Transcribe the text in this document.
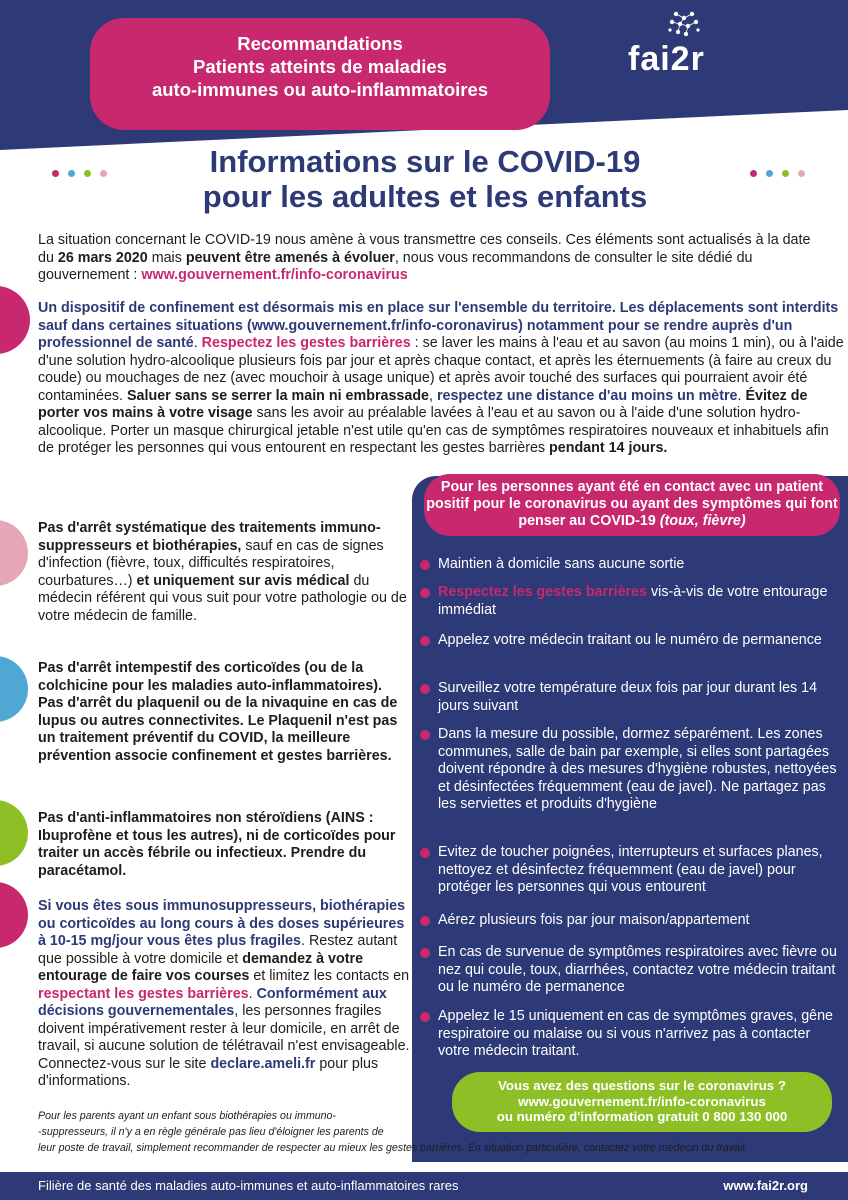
Recommandations
Patients atteints de maladies
auto-immunes ou auto-inflammatoires
fai2r
Informations sur le COVID-19
pour les adultes et les enfants
La situation concernant le COVID-19 nous amène à vous transmettre ces conseils. Ces éléments sont actualisés à la date du 26 mars 2020 mais peuvent être amenés à évoluer, nous vous recommandons de consulter le site dédié du gouvernement : www.gouvernement.fr/info-coronavirus
Un dispositif de confinement est désormais mis en place sur l'ensemble du territoire. Les déplacements sont interdits sauf dans certaines situations (www.gouvernement.fr/info-coronavirus) notamment pour se rendre auprès d'un professionnel de santé. Respectez les gestes barrières : se laver les mains à l'eau et au savon (au moins 1 min), ou à l'aide d'une solution hydro-alcoolique plusieurs fois par jour et après chaque contact, et après les éternuements (à faire au creux du coude) ou mouchages de nez (avec mouchoir à usage unique) et après avoir touché des surfaces qui pourraient avoir été contaminées. Saluer sans se serrer la main ni embrassade, respectez une distance d'au moins un mètre. Évitez de porter vos mains à votre visage sans les avoir au préalable lavées à l'eau et au savon ou à l'aide d'une solution hydro-alcoolique. Porter un masque chirurgical jetable n'est utile qu'en cas de symptômes respiratoires nouveaux et inhabituels afin de protéger les personnes qui vous entourent en respectant les gestes barrières pendant 14 jours.
Pas d'arrêt systématique des traitements immuno-suppresseurs et biothérapies, sauf en cas de signes d'infection (fièvre, toux, difficultés respiratoires, courbatures…) et uniquement sur avis médical du médecin référent qui vous suit pour votre pathologie ou de votre médecin de famille.
Pas d'arrêt intempestif des corticoïdes (ou de la colchicine pour les maladies auto-inflammatoires). Pas d'arrêt du plaquenil ou de la nivaquine en cas de lupus ou autres connectivites. Le Plaquenil n'est pas un traitement préventif du COVID, la meilleure prévention associe confinement et gestes barrières.
Pas d'anti-inflammatoires non stéroïdiens (AINS : Ibuprofène et tous les autres), ni de corticoïdes pour traiter un accès fébrile ou infectieux. Prendre du paracétamol.
Si vous êtes sous immunosuppresseurs, biothérapies ou corticoïdes au long cours à des doses supérieures à 10-15 mg/jour vous êtes plus fragiles. Restez autant que possible à votre domicile et demandez à votre entourage de faire vos courses et limitez les contacts en respectant les gestes barrières. Conformément aux décisions gouvernementales, les personnes fragiles doivent impérativement rester à leur domicile, en arrêt de travail, si aucune solution de télétravail n'est envisageable. Connectez-vous sur le site declare.ameli.fr pour plus d'informations.
Pour les personnes ayant été en contact avec un patient positif pour le coronavirus ou ayant des symptômes qui font penser au COVID-19 (toux, fièvre)
Maintien à domicile sans aucune sortie
Respectez les gestes barrières vis-à-vis de votre entourage immédiat
Appelez votre médecin traitant ou le numéro de permanence
Surveillez votre température deux fois par jour durant les 14 jours suivant
Dans la mesure du possible, dormez séparément. Les zones communes, salle de bain par exemple, si elles sont partagées doivent répondre à des mesures d'hygiène robustes, nettoyées et désinfectées fréquemment (eau de javel). Ne partagez pas les serviettes et produits d'hygiène
Evitez de toucher poignées, interrupteurs et surfaces planes, nettoyez et désinfectez fréquemment (eau de javel) pour protéger les personnes qui vous entourent
Aérez plusieurs fois par jour maison/appartement
En cas de survenue de symptômes respiratoires avec fièvre ou nez qui coule, toux, diarrhées, contactez votre médecin traitant ou le numéro de permanence
Appelez le 15 uniquement en cas de symptômes graves, gêne respiratoire ou malaise ou si vous n'arrivez pas à contacter votre médecin traitant.
Vous avez des questions sur le coronavirus ?
www.gouvernement.fr/info-coronavirus
ou numéro d'information gratuit 0 800 130 000
Pour les parents ayant un enfant sous biothérapies ou immuno-
-suppresseurs, il n'y a en règle générale pas lieu d'éloigner les parents de
leur poste de travail, simplement recommander de respecter au mieux les gestes barrières. En situation particulière, contactez votre médecin du travail.
Filière de santé des maladies auto-immunes et auto-inflammatoires rares	www.fai2r.org
